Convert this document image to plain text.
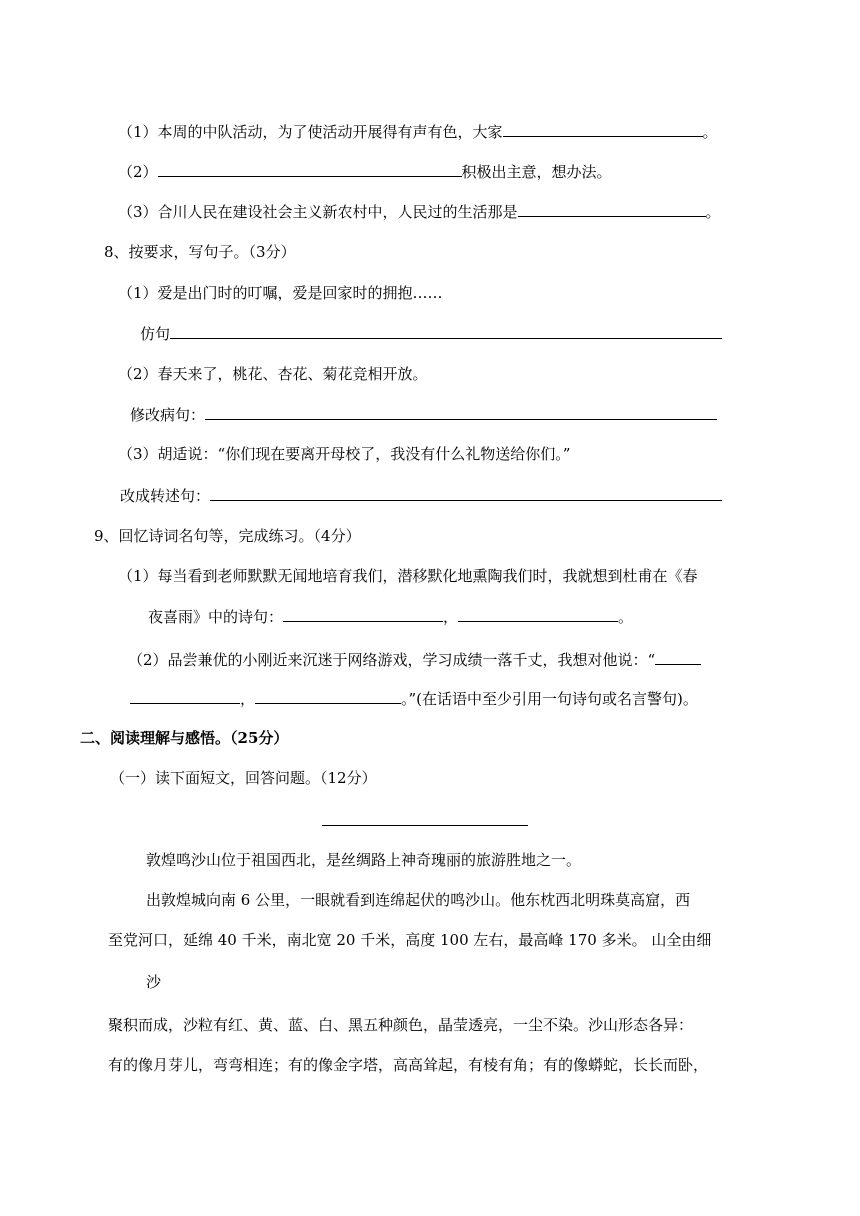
（1）本周的中队活动，为了使活动开展得有声有色，大家	。
（2）	积极出主意，想办法。
（3）合川人民在建设社会主义新农村中，人民过的生活那是	。
8、按要求，写句子。（3分）
（1）爱是出门时的叮嘱，爱是回家时的拥抱……
仿句
（2）春天来了，桃花、杏花、菊花竞相开放。
修改病句：
（3）胡适说：“你们现在要离开母校了，我没有什么礼物送给你们。”
改成转述句：
9、回忆诗词名句等，完成练习。（4分）
（1）每当看到老师默默无闻地培育我们，潜移默化地熏陶我们时，我就想到杜甫在《春
夜喜雨》中的诗句：	，	。
（2）品尝兼优的小刚近来沉迷于网络游戏，学习成绩一落千丈，我想对他说：“
，	。”(在话语中至少引用一句诗句或名言警句)。
二、阅读理解与感悟。（25分）
（一）读下面短文，回答问题。（12分）
敦煌鸣沙山位于祖国西北，是丝绸路上神奇瑰丽的旅游胜地之一。
出敦煌城向南 6 公里，一眼就看到连绵起伏的鸣沙山。他东枕西北明珠莫高窟，西
至党河口，延绵 40 千米，南北宽 20 千米，高度 100 左右，最高峰 170 多米。 山全由细
沙
聚积而成，沙粒有红、黄、蓝、白、黑五种颜色，晶莹透亮，一尘不染。沙山形态各异：
有的像月芽儿，弯弯相连；有的像金字塔，高高耸起，有棱有角；有的像蟒蛇，长长而卧，
